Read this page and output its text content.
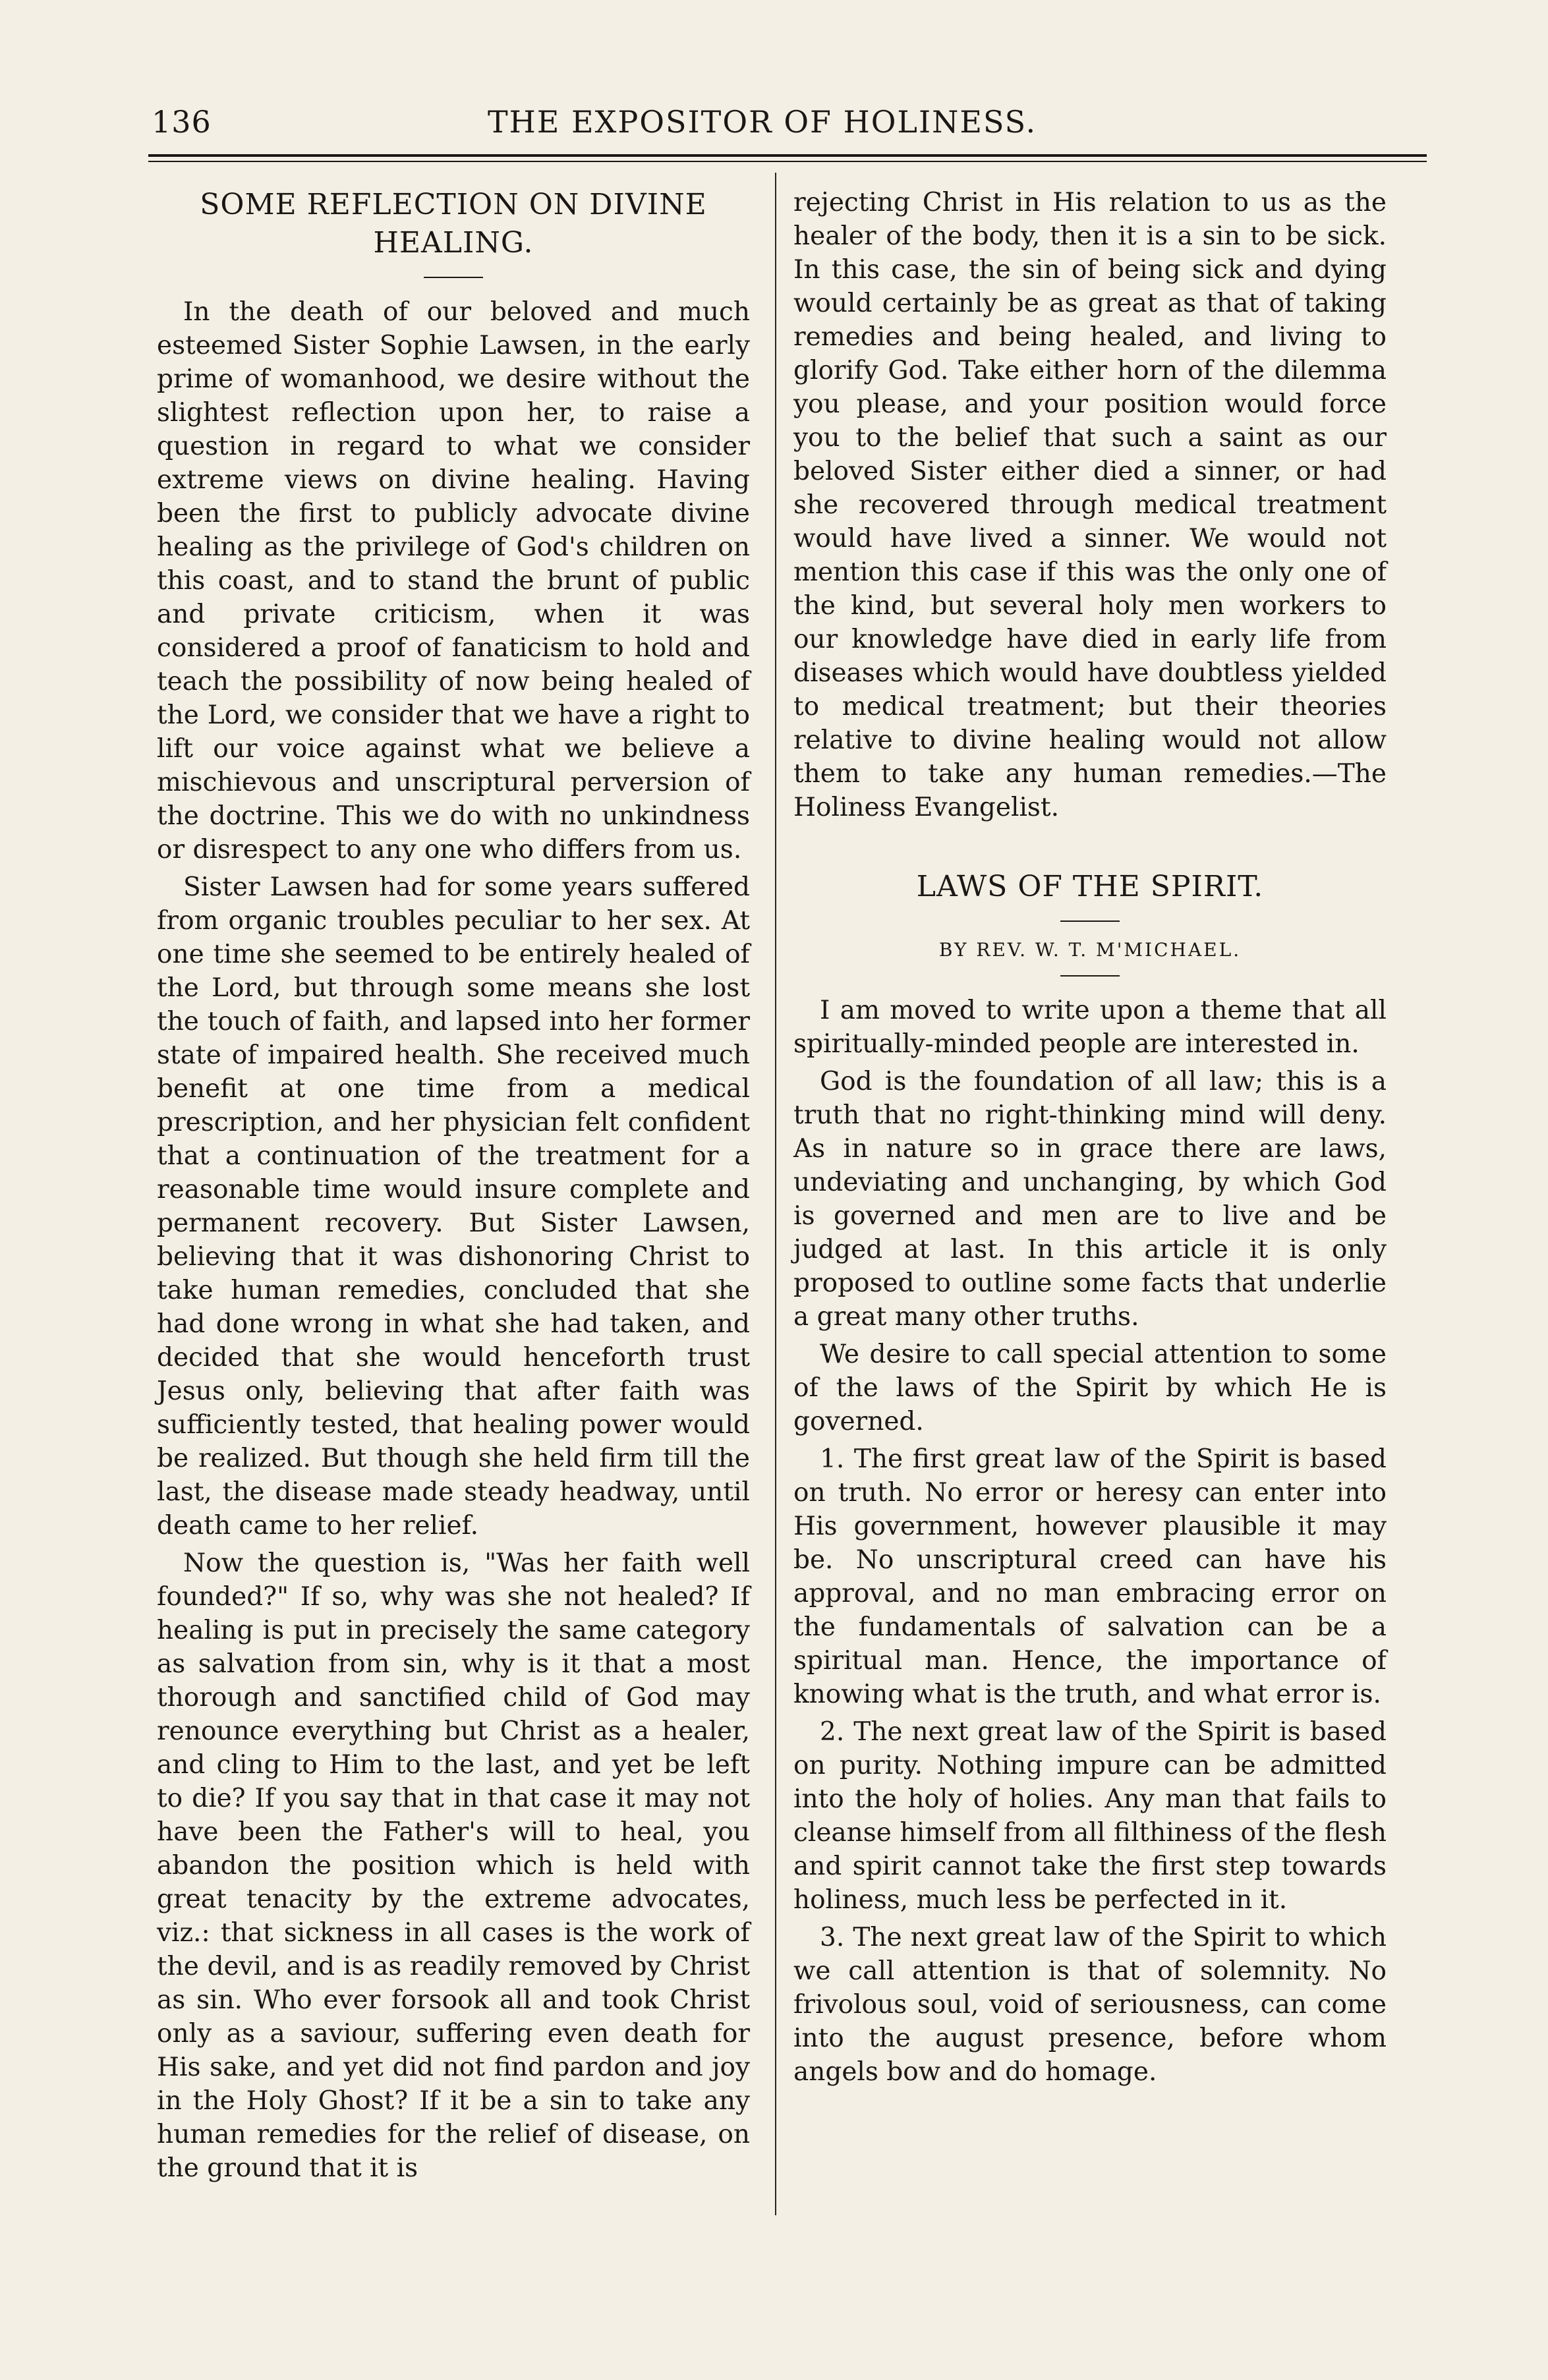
136	THE EXPOSITOR OF HOLINESS.
SOME REFLECTION ON DIVINE HEALING.

In the death of our beloved and much esteemed Sister Sophie Lawsen, in the early prime of womanhood, we desire without the slightest reflection upon her, to raise a question in regard to what we consider extreme views on divine healing. Having been the first to publicly advocate divine healing as the privilege of God's children on this coast, and to stand the brunt of public and private criticism, when it was considered a proof of fanaticism to hold and teach the possibility of now being healed of the Lord, we consider that we have a right to lift our voice against what we believe a mischievous and unscriptural perversion of the doctrine. This we do with no unkindness or disrespect to any one who differs from us.

Sister Lawsen had for some years suffered from organic troubles peculiar to her sex. At one time she seemed to be entirely healed of the Lord, but through some means she lost the touch of faith, and lapsed into her former state of impaired health. She received much benefit at one time from a medical prescription, and her physician felt confident that a continuation of the treatment for a reasonable time would insure complete and permanent recovery. But Sister Lawsen, believing that it was dishonoring Christ to take human remedies, concluded that she had done wrong in what she had taken, and decided that she would henceforth trust Jesus only, believing that after faith was sufficiently tested, that healing power would be realized. But though she held firm till the last, the disease made steady headway, until death came to her relief.

Now the question is, "Was her faith well founded?" If so, why was she not healed? If healing is put in precisely the same category as salvation from sin, why is it that a most thorough and sanctified child of God may renounce everything but Christ as a healer, and cling to Him to the last, and yet be left to die? If you say that in that case it may not have been the Father's will to heal, you abandon the position which is held with great tenacity by the extreme advocates, viz.: that sickness in all cases is the work of the devil, and is as readily removed by Christ as sin. Who ever forsook all and took Christ only as a saviour, suffering even death for His sake, and yet did not find pardon and joy in the Holy Ghost? If it be a sin to take any human remedies for the relief of disease, on the ground that it is

rejecting Christ in His relation to us as the healer of the body, then it is a sin to be sick. In this case, the sin of being sick and dying would certainly be as great as that of taking remedies and being healed, and living to glorify God. Take either horn of the dilemma you please, and your position would force you to the belief that such a saint as our beloved Sister either died a sinner, or had she recovered through medical treatment would have lived a sinner. We would not mention this case if this was the only one of the kind, but several holy men workers to our knowledge have died in early life from diseases which would have doubtless yielded to medical treatment; but their theories relative to divine healing would not allow them to take any human remedies.—The Holiness Evangelist.

LAWS OF THE SPIRIT.
BY REV. W. T. M'MICHAEL.

I am moved to write upon a theme that all spiritually-minded people are interested in.

God is the foundation of all law; this is a truth that no right-thinking mind will deny. As in nature so in grace there are laws, undeviating and unchanging, by which God is governed and men are to live and be judged at last. In this article it is only proposed to outline some facts that underlie a great many other truths.

We desire to call special attention to some of the laws of the Spirit by which He is governed.

1. The first great law of the Spirit is based on truth. No error or heresy can enter into His government, however plausible it may be. No unscriptural creed can have his approval, and no man embracing error on the fundamentals of salvation can be a spiritual man. Hence, the importance of knowing what is the truth, and what error is.

2. The next great law of the Spirit is based on purity. Nothing impure can be admitted into the holy of holies. Any man that fails to cleanse himself from all filthiness of the flesh and spirit cannot take the first step towards holiness, much less be perfected in it.

3. The next great law of the Spirit to which we call attention is that of solemnity. No frivolous soul, void of seriousness, can come into the august presence, before whom angels bow and do homage.
